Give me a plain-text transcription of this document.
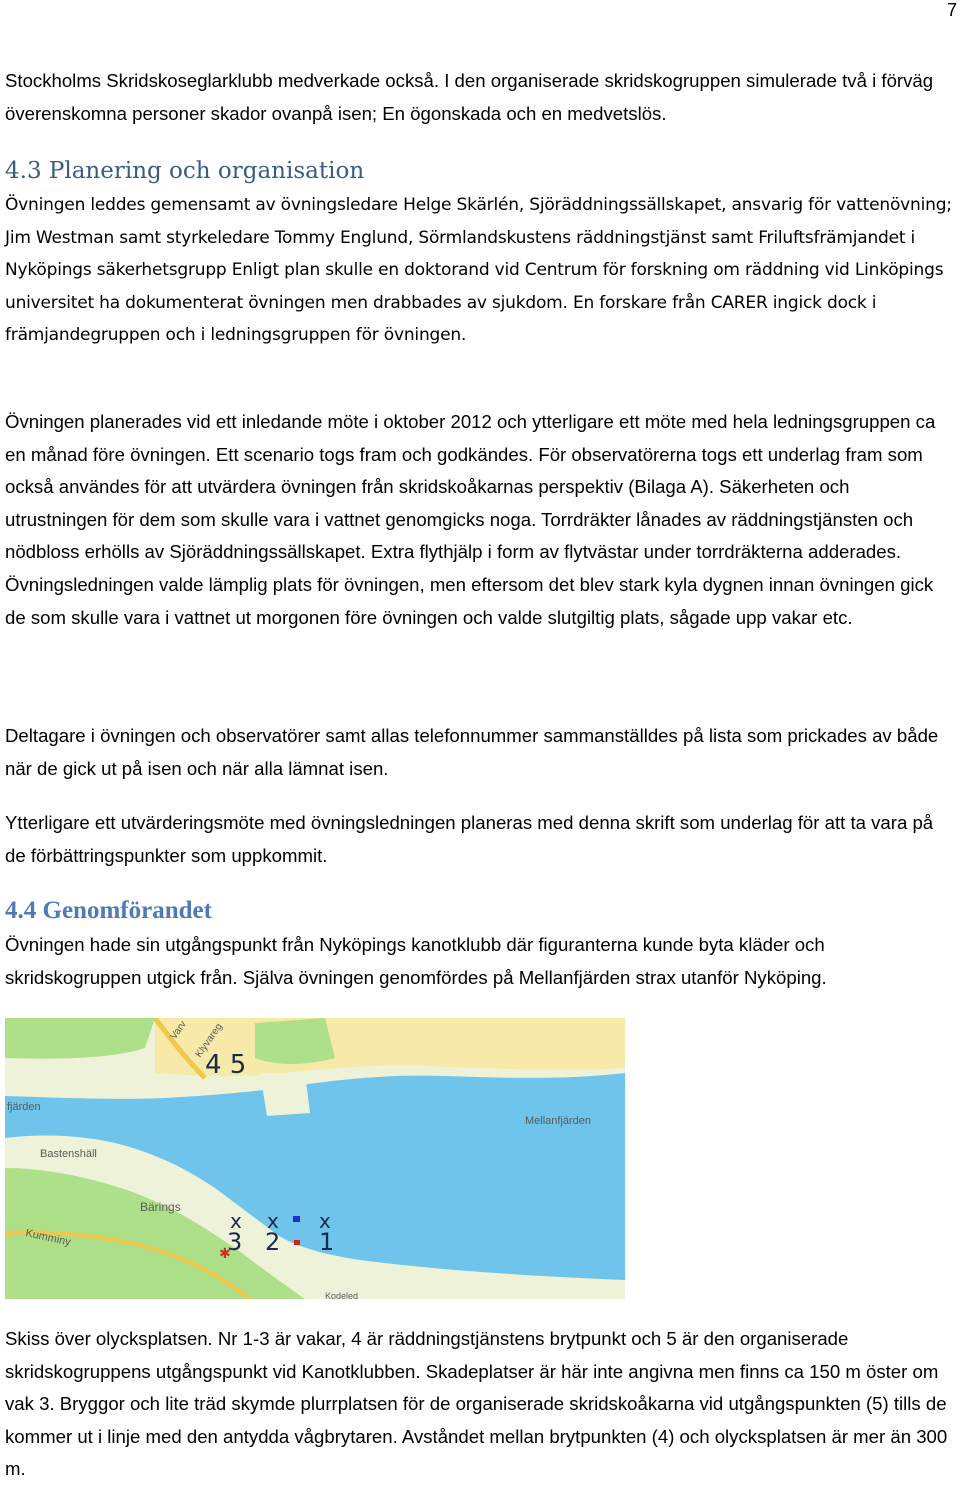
7

Stockholms Skridskoseglarklubb medverkade också. I den organiserade skridskogruppen simulerade två i förväg överenskomna personer skador ovanpå isen; En ögonskada och en medvetslös.

4.3 Planering och organisation

Övningen leddes gemensamt av övningsledare Helge Skärlén, Sjöräddningssällskapet, ansvarig för vattenövning; Jim Westman samt styrkeledare Tommy Englund, Sörmlandskustens räddningstjänst samt Friluftsfrämjandet i Nyköpings säkerhetsgrupp Enligt plan skulle en doktorand vid Centrum för forskning om räddning vid Linköpings universitet ha dokumenterat övningen men drabbades av sjukdom. En forskare från CARER ingick dock i främjandegruppen och i ledningsgruppen för övningen.

Övningen planerades vid ett inledande möte i oktober 2012 och ytterligare ett möte med hela ledningsgruppen ca en månad före övningen. Ett scenario togs fram och godkändes. För observatörerna togs ett underlag fram som också användes för att utvärdera övningen från skridskoåkarnas perspektiv (Bilaga A). Säkerheten och utrustningen för dem som skulle vara i vattnet genomgicks noga. Torrdräkter lånades av räddningstjänsten och nödbloss erhölls av Sjöräddningssällskapet. Extra flythjälp i form av flytvästar under torrdräkterna adderades. Övningsledningen valde lämplig plats för övningen, men eftersom det blev stark kyla dygnen innan övningen gick de som skulle vara i vattnet ut morgonen före övningen och valde slutgiltig plats, sågade upp vakar etc.

Deltagare i övningen och observatörer samt allas telefonnummer sammanställdes på lista som prickades av både när de gick ut på isen och när alla lämnat isen.

Ytterligare ett utvärderingsmöte med övningsledningen planeras med denna skrift som underlag för att ta vara på de förbättringspunkter som uppkommit.

4.4 Genomförandet

Övningen hade sin utgångspunkt från Nyköpings kanotklubb där figuranterna kunde byta kläder och skridskogruppen utgick från. Själva övningen genomfördes på Mellanfjärden strax utanför Nyköping.

fjärden
Bastenshäll
Mellanfjärden
Bärings
Kumminy
Varv Klyvareg
Kodeled
4 5
x
3
x
2
x
1
✱

Skiss över olycksplatsen. Nr 1-3 är vakar, 4 är räddningstjänstens brytpunkt och 5 är den organiserade skridskogruppens utgångspunkt vid Kanotklubben. Skadeplatser är här inte angivna men finns ca 150 m öster om vak 3. Bryggor och lite träd skymde plurrplatsen för de organiserade skridskoåkarna vid utgångspunkten (5) tills de kommer ut i linje med den antydda vågbrytaren. Avståndet mellan brytpunkten (4) och olycksplatsen är mer än 300 m.
